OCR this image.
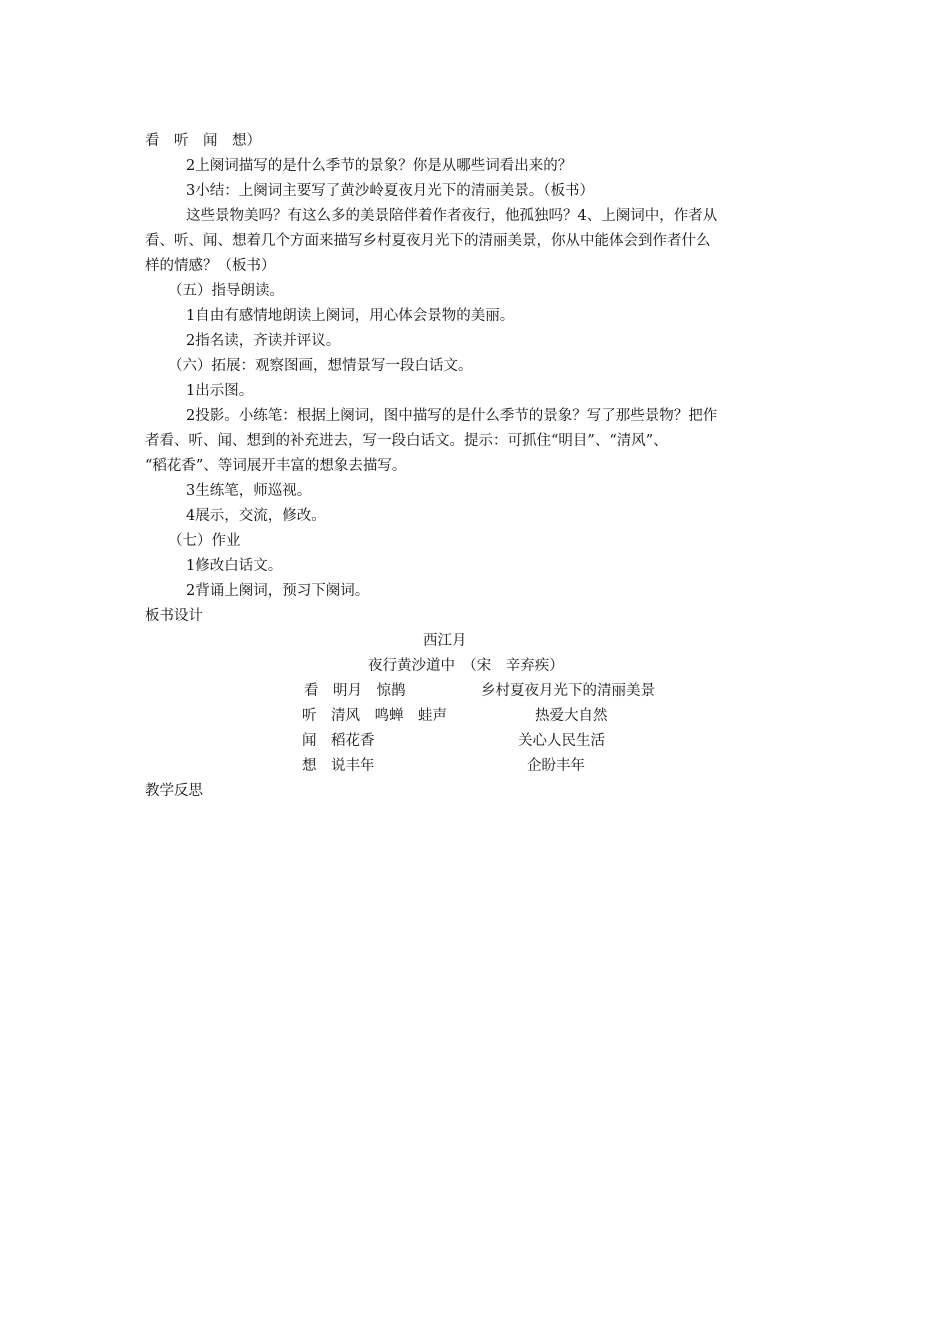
看　听　闻　想）
2上阕词描写的是什么季节的景象？你是从哪些词看出来的？
3小结：上阕词主要写了黄沙岭夏夜月光下的清丽美景。（板书）
这些景物美吗？有这么多的美景陪伴着作者夜行，他孤独吗？4、上阕词中，作者从
看、听、闻、想着几个方面来描写乡村夏夜月光下的清丽美景，你从中能体会到作者什么
样的情感？（板书）
（五）指导朗读。
1自由有感情地朗读上阕词，用心体会景物的美丽。
2指名读，齐读并评议。
（六）拓展：观察图画，想情景写一段白话文。
1出示图。
2投影。小练笔：根据上阕词，图中描写的是什么季节的景象？写了那些景物？把作
者看、听、闻、想到的补充进去，写一段白话文。提示：可抓住“明目”、“清风”、
“稻花香”、等词展开丰富的想象去描写。
3生练笔，师巡视。
4展示，交流，修改。
（七）作业
1修改白话文。
2背诵上阕词，预习下阕词。
板书设计
西江月
夜行黄沙道中　（宋　辛弃疾）
看　明月　惊鹊	乡村夏夜月光下的清丽美景
听　清风　鸣蝉　蛙声	热爱大自然
闻　稻花香	关心人民生活
想　说丰年	企盼丰年
教学反思
